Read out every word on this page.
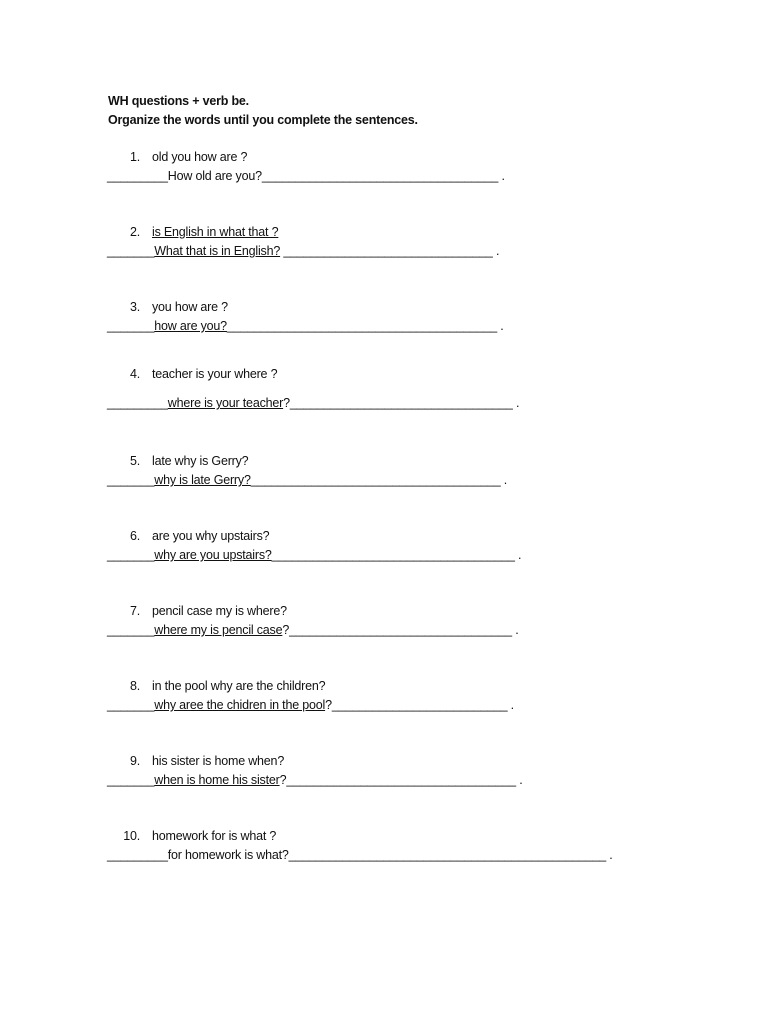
WH questions + verb be.
Organize the words until you complete the sentences.
1. old you how are ?
_________How old are you?___________________________________ .
2. is English in what that ?
_______What that is in English? _______________________________ .
3. you how are ?
_______how are you?________________________________________ .
4. teacher is your where ?
_________where is your teacher?_________________________________ .
5. late why is Gerry?
_______why is late Gerry?_____________________________________ .
6. are you why upstairs?
_______why are you upstairs?____________________________________ .
7. pencil case my is where?
_______where my is pencil case?_________________________________ .
8. in the pool why are the children?
_______why aree the chidren in the pool?__________________________ .
9. his sister is home when?
_______when is home his sister?__________________________________ .
10. homework for is what ?
_________for homework is what?_______________________________________________ .
